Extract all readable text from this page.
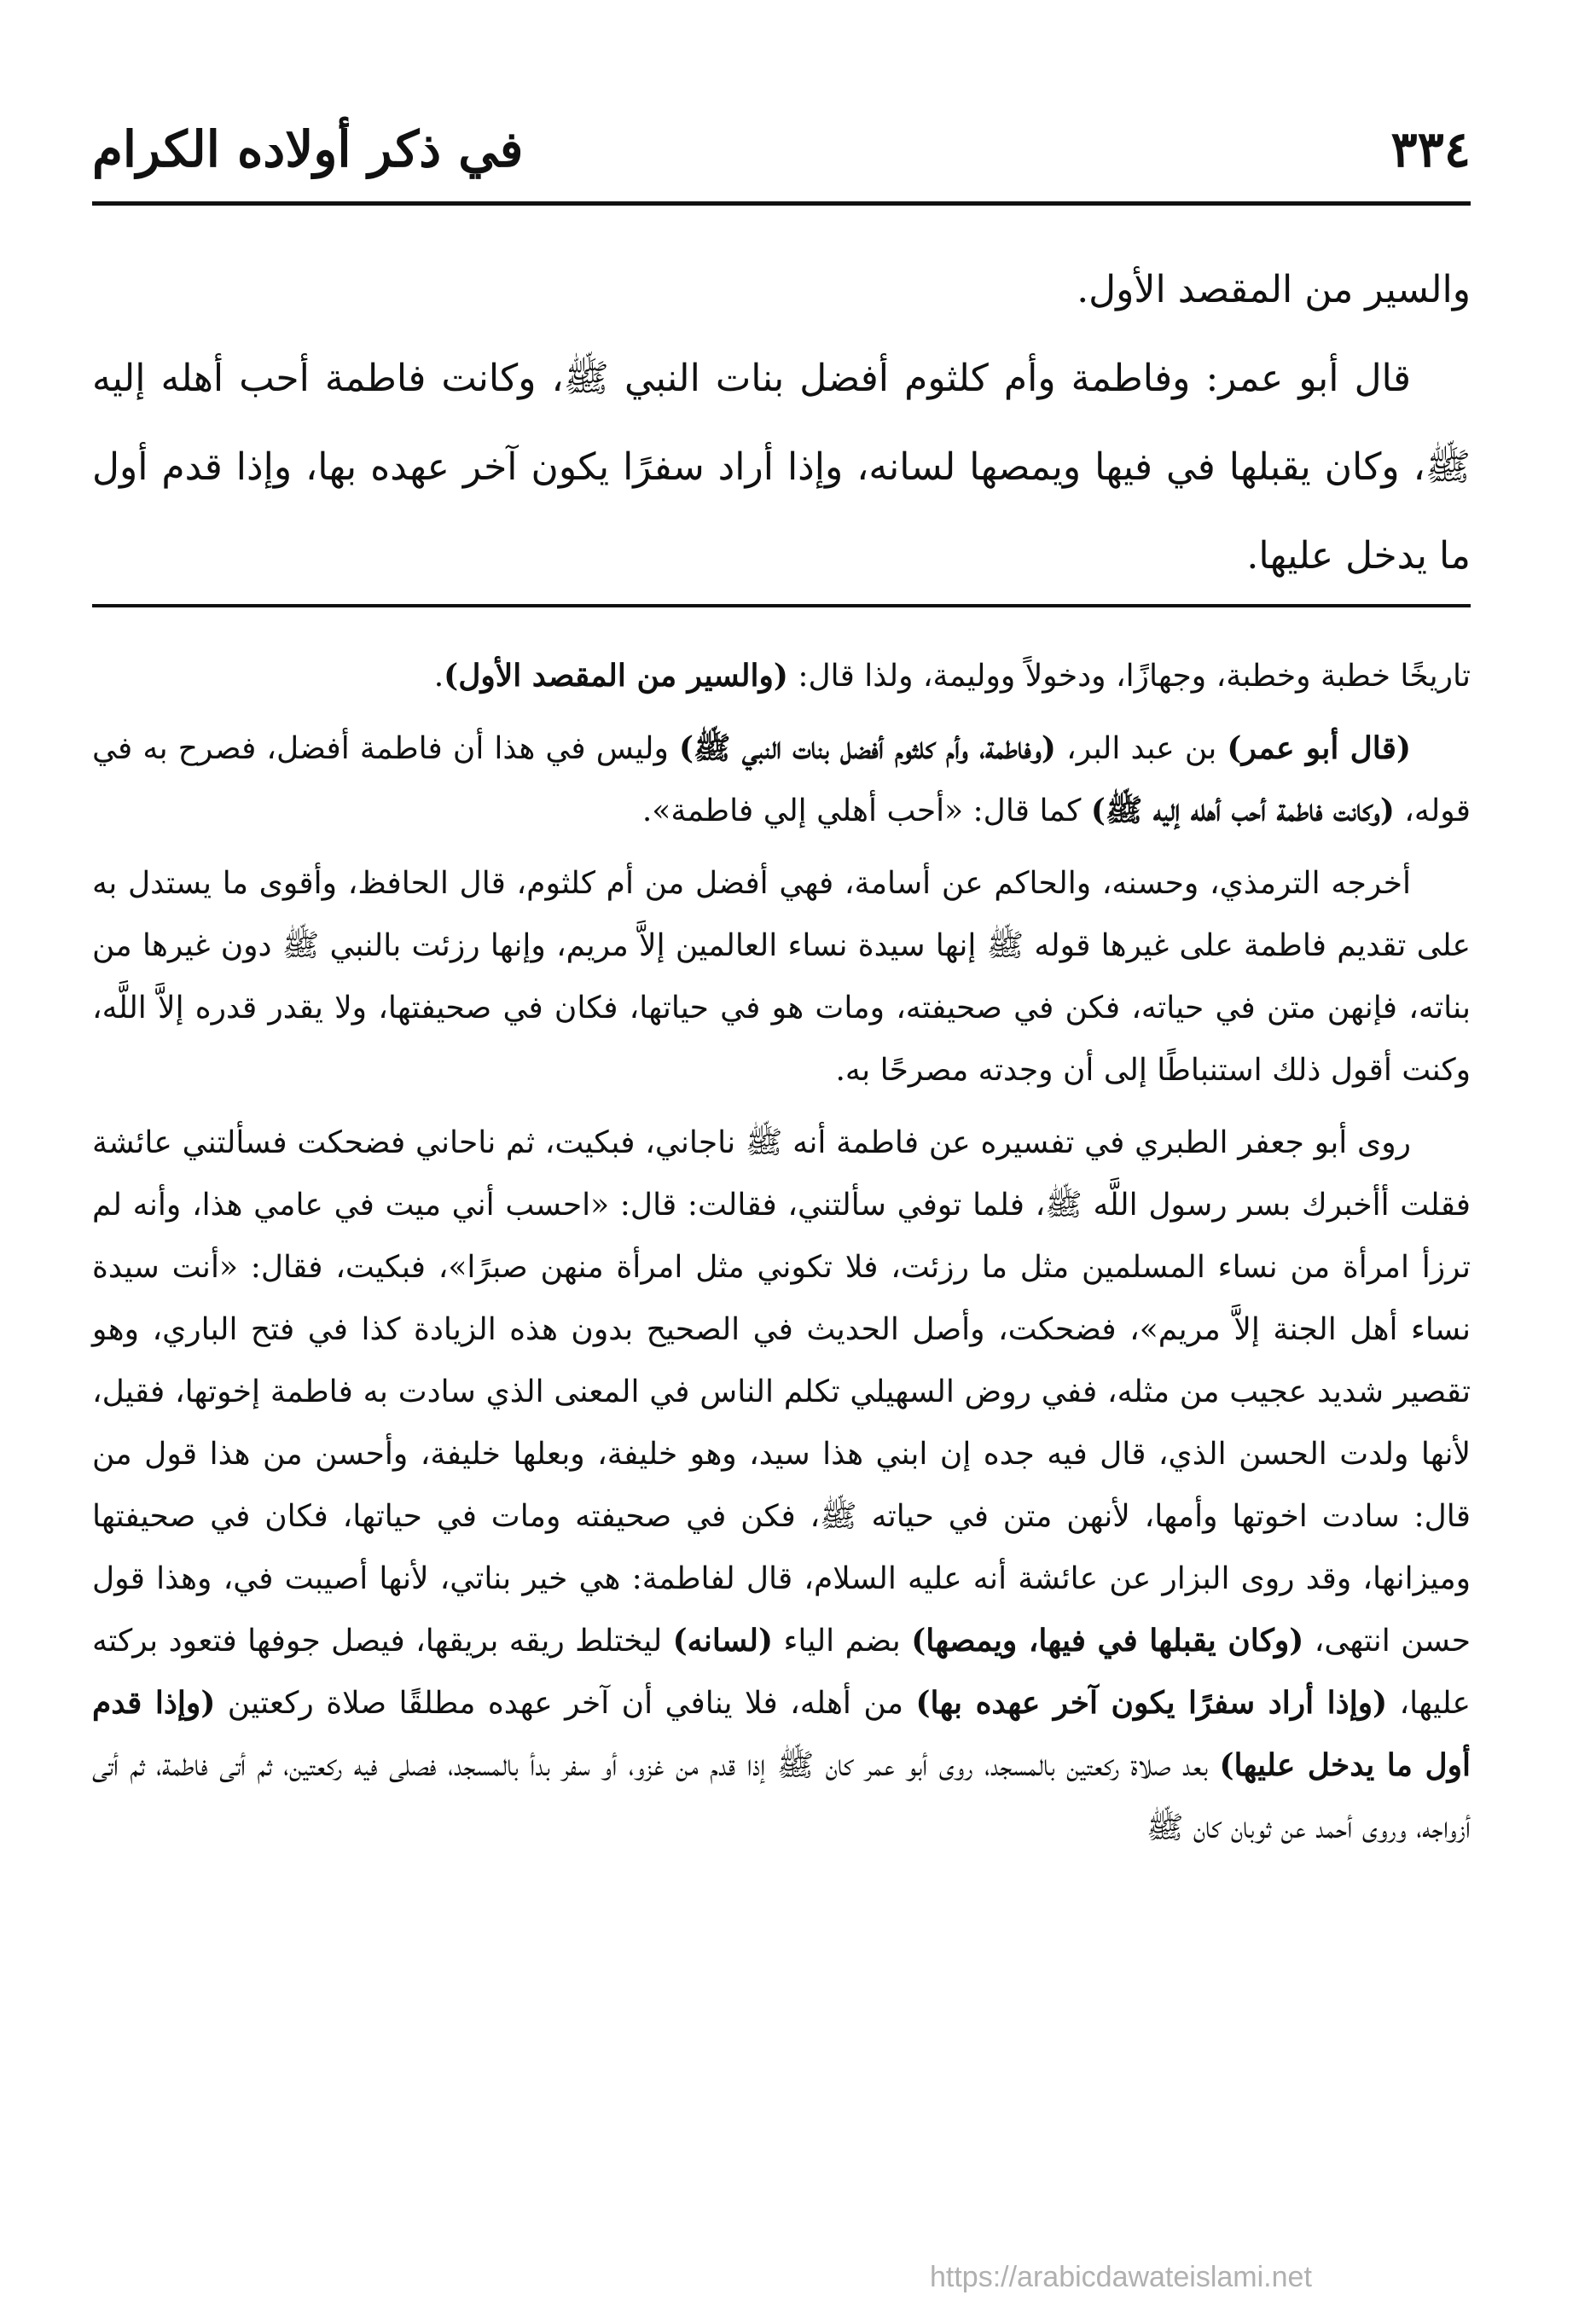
٣٣٤
في ذكر أولاده الكرام

والسير من المقصد الأول.

قال أبو عمر: وفاطمة وأم كلثوم أفضل بنات النبي ﷺ، وكانت فاطمة أحب أهله إليه ﷺ، وكان يقبلها في فيها ويمصها لسانه، وإذا أراد سفرًا يكون آخر عهده بها، وإذا قدم أول ما يدخل عليها.

تاريخًا خطبة وخطبة، وجهازًا، ودخولاً ووليمة، ولذا قال: (والسير من المقصد الأول).

(قال أبو عمر) بن عبد البر، (وفاطمة، وأم كلثوم أفضل بنات النبي ﷺ) وليس في هذا أن فاطمة أفضل، فصرح به في قوله، (وكانت فاطمة أحب أهله إليه ﷺ) كما قال: «أحب أهلي إلي فاطمة».

أخرجه الترمذي، وحسنه، والحاكم عن أسامة، فهي أفضل من أم كلثوم، قال الحافظ، وأقوى ما يستدل به على تقديم فاطمة على غيرها قوله ﷺ إنها سيدة نساء العالمين إلاَّ مريم، وإنها رزئت بالنبي ﷺ دون غيرها من بناته، فإنهن متن في حياته، فكن في صحيفته، ومات هو في حياتها، فكان في صحيفتها، ولا يقدر قدره إلاَّ اللَّه، وكنت أقول ذلك استنباطًا إلى أن وجدته مصرحًا به.

روى أبو جعفر الطبري في تفسيره عن فاطمة أنه ﷺ ناجاني، فبكيت، ثم ناحاني فضحكت فسألتني عائشة فقلت أأخبرك بسر رسول اللَّه ﷺ، فلما توفي سألتني، فقالت: قال: «احسب أني ميت في عامي هذا، وأنه لم ترزأ امرأة من نساء المسلمين مثل ما رزئت، فلا تكوني مثل امرأة منهن صبرًا»، فبكيت، فقال: «أنت سيدة نساء أهل الجنة إلاَّ مريم»، فضحكت، وأصل الحديث في الصحيح بدون هذه الزيادة كذا في فتح الباري، وهو تقصير شديد عجيب من مثله، ففي روض السهيلي تكلم الناس في المعنى الذي سادت به فاطمة إخوتها، فقيل، لأنها ولدت الحسن الذي، قال فيه جده إن ابني هذا سيد، وهو خليفة، وبعلها خليفة، وأحسن من هذا قول من قال: سادت اخوتها وأمها، لأنهن متن في حياته ﷺ، فكن في صحيفته ومات في حياتها، فكان في صحيفتها وميزانها، وقد روى البزار عن عائشة أنه عليه السلام، قال لفاطمة: هي خير بناتي، لأنها أصيبت في، وهذا قول حسن انتهى، (وكان يقبلها في فيها، ويمصها) بضم الياء (لسانه) ليختلط ريقه بريقها، فيصل جوفها فتعود بركته عليها، (وإذا أراد سفرًا يكون آخر عهده بها) من أهله، فلا ينافي أن آخر عهده مطلقًا صلاة ركعتين (وإذا قدم أول ما يدخل عليها) بعد صلاة ركعتين بالمسجد، روى أبو عمر كان ﷺ إذا قدم من غزو، أو سفر بدأ بالمسجد، فصلى فيه ركعتين، ثم أتى فاطمة، ثم أتى أزواجه، وروى أحمد عن ثوبان كان ﷺ

https://arabicdawateislami.net
